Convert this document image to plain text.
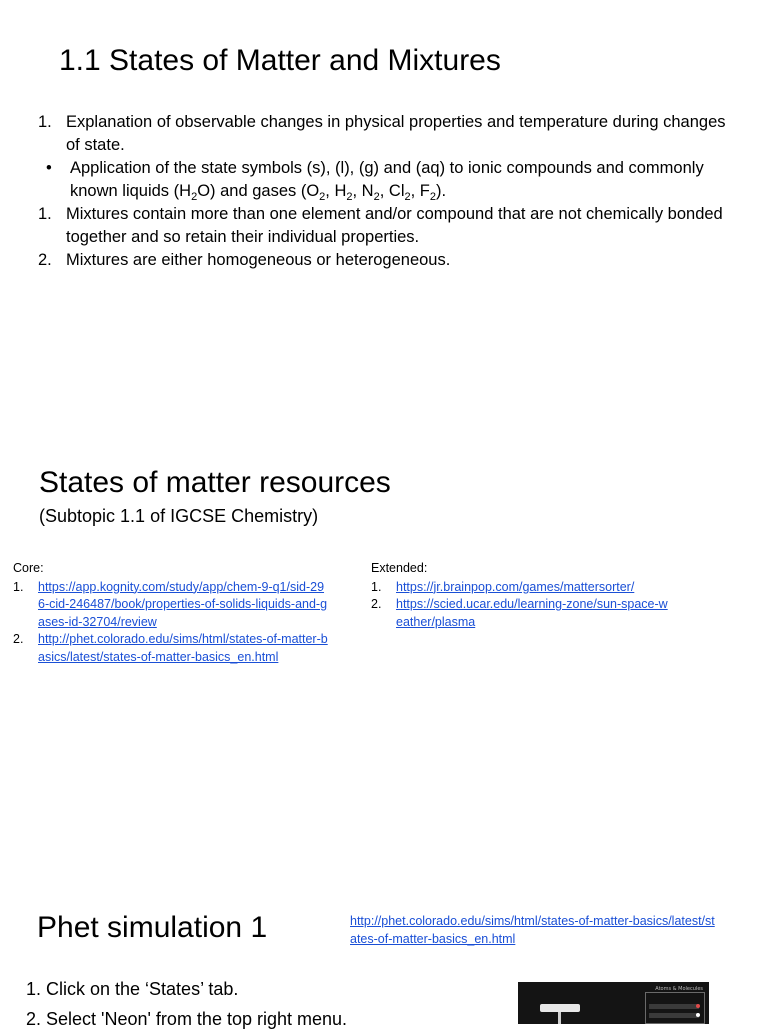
1.1 States of Matter and Mixtures
1. Explanation of observable changes in physical properties and temperature during changes of state.
•	Application of the state symbols (s), (l), (g) and (aq) to ionic compounds and commonly known liquids $(H_2O)$ and gases ($O_2$, $H_2$, $N_2$, $Cl_2$, $F_2$).
1. Mixtures contain more than one element and/or compound that are not chemically bonded together and so retain their individual properties.
2. Mixtures are either homogeneous or heterogeneous.
States of matter resources
(Subtopic 1.1 of IGCSE Chemistry)
Core:
1.	https://app.kognity.com/study/app/chem-9-q1/sid-296-cid-246487/book/properties-of-solids-liquids-and-gases-id-32704/review
2.	http://phet.colorado.edu/sims/html/states-of-matter-basics/latest/states-of-matter-basics_en.html
Extended:
1.	https://jr.brainpop.com/games/mattersorter/
2.	https://scied.ucar.edu/learning-zone/sun-space-weather/plasma
Phet simulation 1	http://phet.colorado.edu/sims/html/states-of-matter-basics/latest/states-of-matter-basics_en.html
1. Click on the ‘States’ tab.
2. Select 'Neon' from the top right menu.
Atoms & Molecules
